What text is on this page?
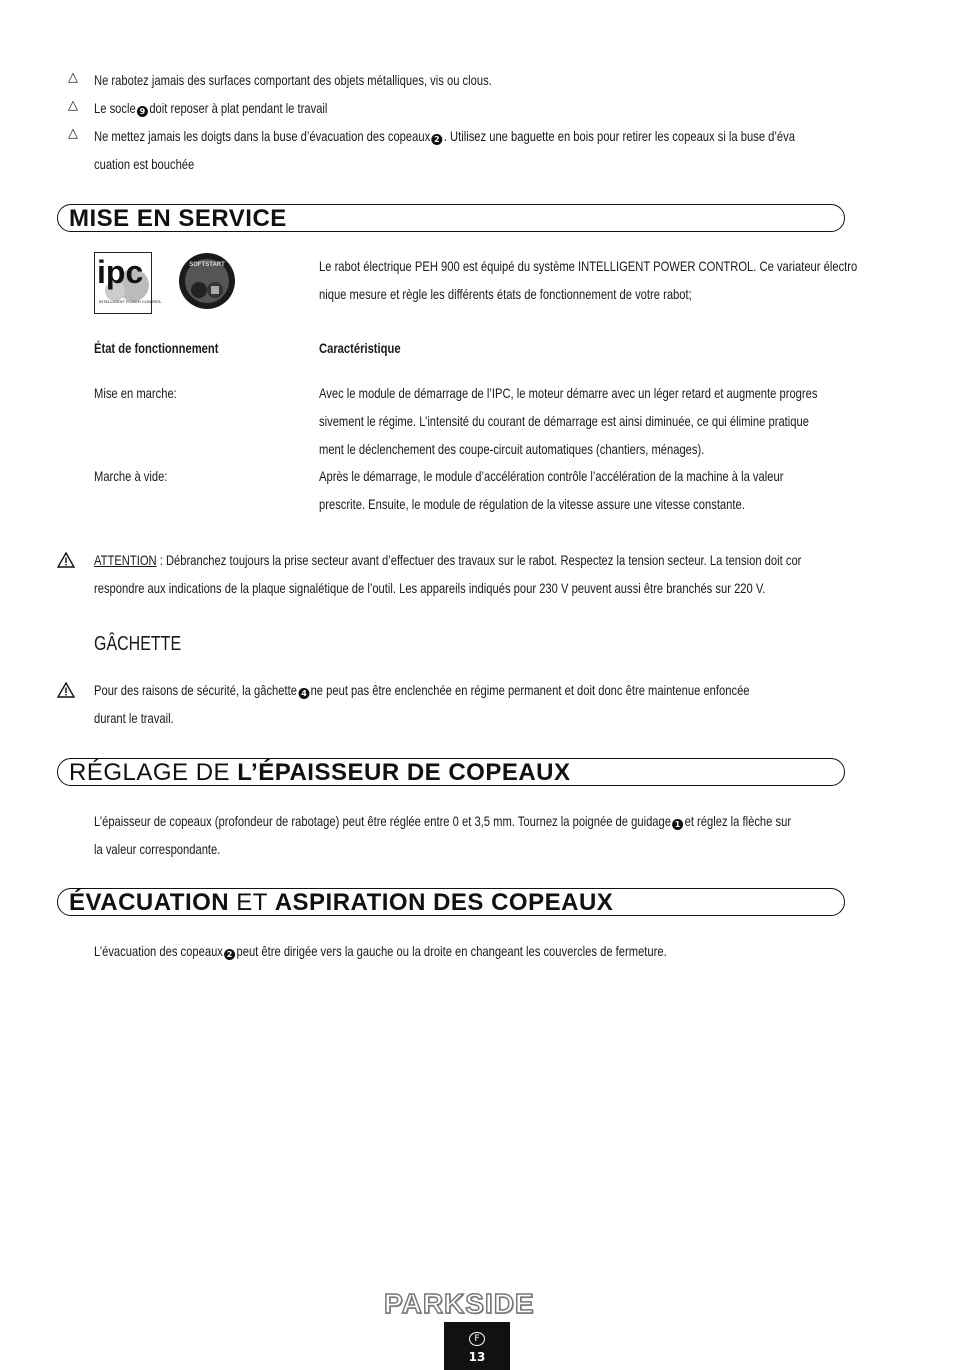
△ Ne rabotez jamais des surfaces comportant des objets métalliques, vis ou clous.
△ Le socle 9 doit reposer à plat pendant le travail
△ Ne mettez jamais les doigts dans la buse d’évacuation des copeaux 2 . Utilisez une baguette en bois pour retirer les copeaux si la buse d’éva
cuation est bouchée
MISE EN SERVICE
ipc
INTELLIGENT POWER CONTROL
SOFTSTART	Le rabot électrique PEH 900 est équipé du système INTELLIGENT POWER CONTROL. Ce variateur électro
nique mesure et règle les différents états de fonctionnement de votre rabot;
État de fonctionnement	Caractéristique
Mise en marche:	Avec le module de démarrage de l’IPC, le moteur démarre avec un léger retard et augmente progres
sivement le régime. L’intensité du courant de démarrage est ainsi diminuée, ce qui élimine pratique
ment le déclenchement des coupe-circuit automatiques (chantiers, ménages).
Marche à vide:	Après le démarrage, le module d’accélération contrôle l’accélération de la machine à la valeur
prescrite. Ensuite, le module de régulation de la vitesse assure une vitesse constante.
ATTENTION : Débranchez toujours la prise secteur avant d’effectuer des travaux sur le rabot. Respectez la tension secteur. La tension doit cor
respondre aux indications de la plaque signalétique de l’outil. Les appareils indiqués pour 230 V peuvent aussi être branchés sur 220 V.
GÂCHETTE
Pour des raisons de sécurité, la gâchette 4 ne peut pas être enclenchée en régime permanent et doit donc être maintenue enfoncée
durant le travail.
RÉGLAGE DE L’ÉPAISSEUR DE COPEAUX
L’épaisseur de copeaux (profondeur de rabotage) peut être réglée entre 0 et 3,5 mm. Tournez la poignée de guidage 1 et réglez la flèche sur
la valeur correspondante.
ÉVACUATION ET ASPIRATION DES COPEAUX
L’évacuation des copeaux 2 peut être dirigée vers la gauche ou la droite en changeant les couvercles de fermeture.
PARKSIDE
F
13
